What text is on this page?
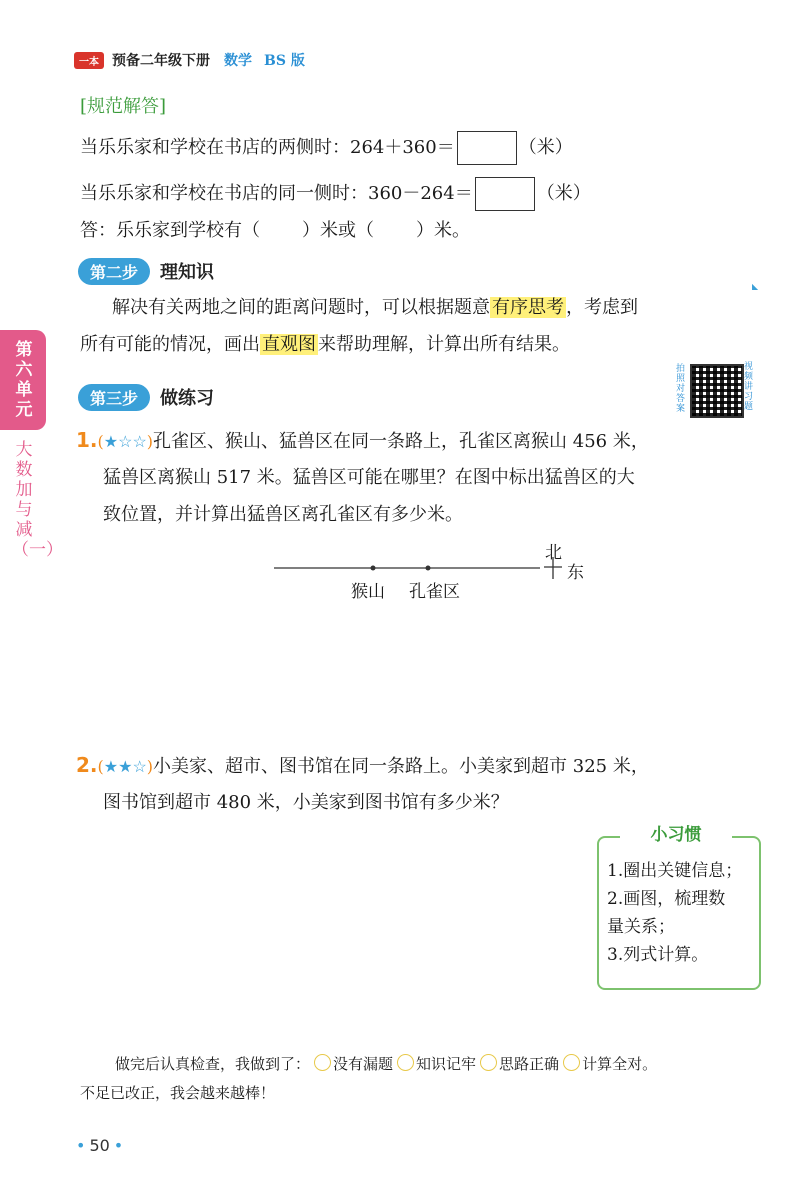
一本 预备二年级下册 数学 BS 版
[规范解答]
当乐乐家和学校在书店的两侧时：264＋360＝	（米）
当乐乐家和学校在书店的同一侧时：360－264＝	（米）
答：乐乐家到学校有（ ）米或（ ）米。
第二步	理知识
◣
解决有关两地之间的距离问题时，可以根据题意 有序思考 ，考虑到
所有可能的情况，画出 直观图 来帮助理解，计算出所有结果。
第六单元
大数加与减（一）
拍照对答案
视频讲习题
第三步	做练习
1.(★☆☆)孔雀区、猴山、猛兽区在同一条路上，孔雀区离猴山 456 米，
猛兽区离猴山 517 米。猛兽区可能在哪里？在图中标出猛兽区的大
致位置，并计算出猛兽区离孔雀区有多少米。
猴山 孔雀区
北
东
2.(★★☆)小美家、超市、图书馆在同一条路上。小美家到超市 325 米，
图书馆到超市 480 米，小美家到图书馆有多少米？
小习惯
1.圈出关键信息；
2.画图，梳理数
量关系；
3.列式计算。
做完后认真检查，我做到了： 没有漏题 知识记牢 思路正确 计算全对。
不足已改正，我会越来越棒！
• 50 •
